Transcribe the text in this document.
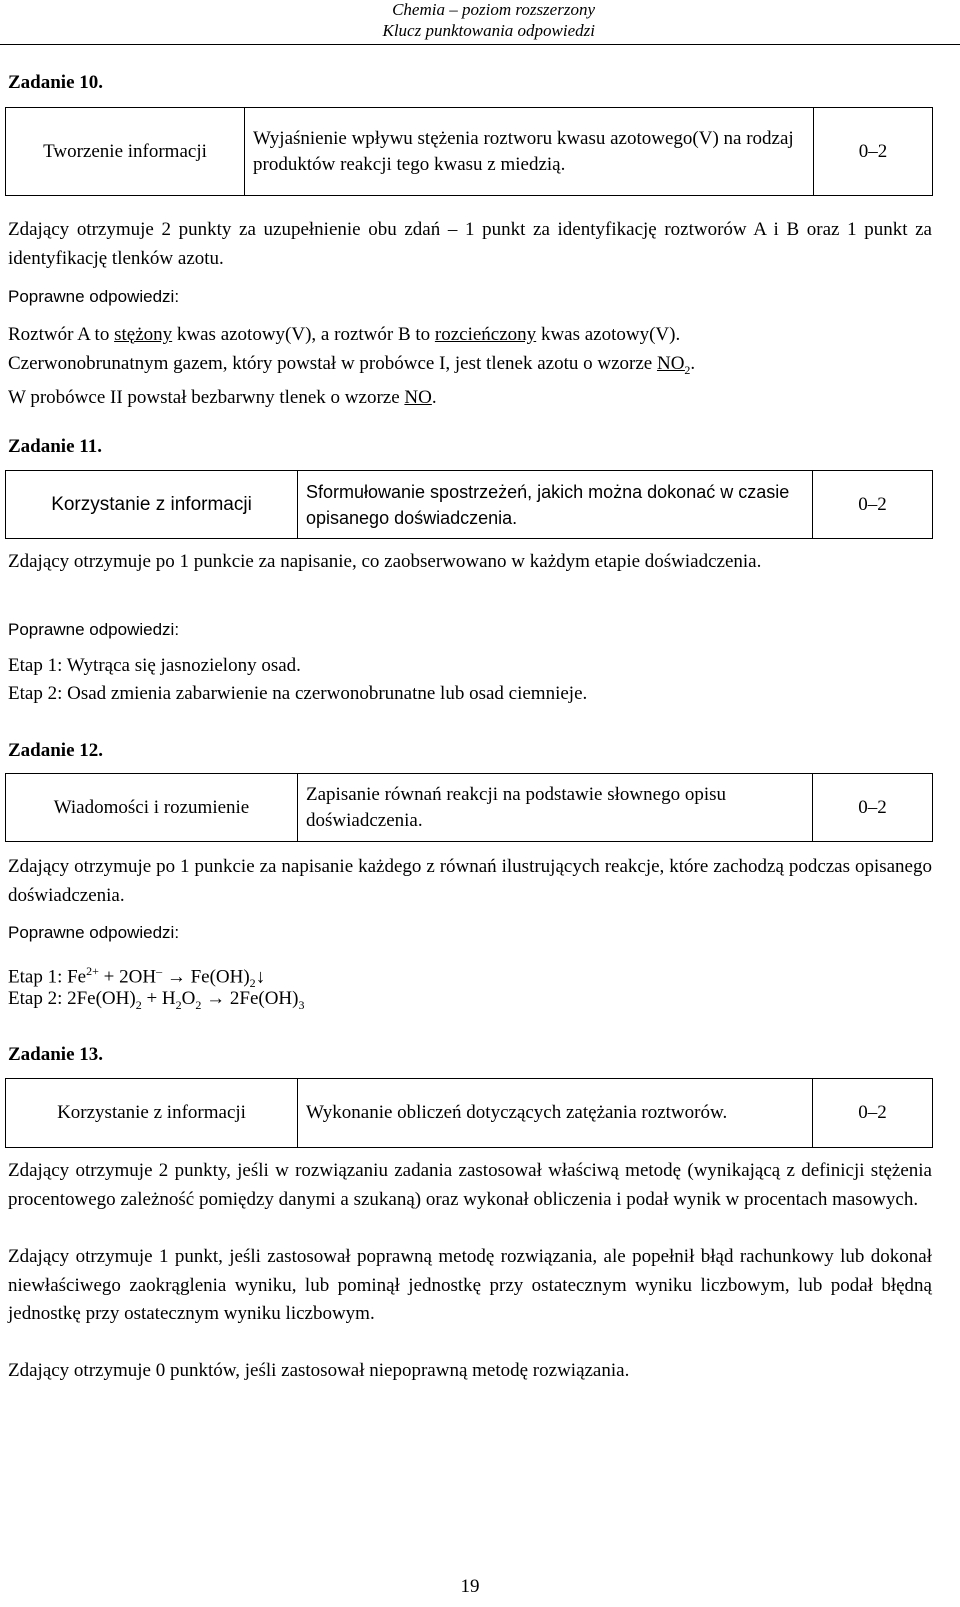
Chemia – poziom rozszerzony
Klucz punktowania odpowiedzi
Zadanie 10.
Tworzenie informacji	Wyjaśnienie wpływu stężenia roztworu kwasu azotowego(V) na rodzaj produktów reakcji tego kwasu z miedzią.	0–2
Zdający otrzymuje 2 punkty za uzupełnienie obu zdań – 1 punkt za identyfikację roztworów A i B oraz 1 punkt za identyfikację tlenków azotu.
Poprawne odpowiedzi:
Roztwór A to stężony kwas azotowy(V), a roztwór B to rozcieńczony kwas azotowy(V).
Czerwonobrunatnym gazem, który powstał w probówce I, jest tlenek azotu o wzorze $NO_2$.
W probówce II powstał bezbarwny tlenek o wzorze NO.
Zadanie 11.
Korzystanie z informacji	Sformułowanie spostrzeżeń, jakich można dokonać w czasie opisanego doświadczenia.	0–2
Zdający otrzymuje po 1 punkcie za napisanie, co zaobserwowano w każdym etapie doświadczenia.
Poprawne odpowiedzi:
Etap 1: Wytrąca się jasnozielony osad.
Etap 2: Osad zmienia zabarwienie na czerwonobrunatne lub osad ciemnieje.
Zadanie 12.
Wiadomości i rozumienie	Zapisanie równań reakcji na podstawie słownego opisu doświadczenia.	0–2
Zdający otrzymuje po 1 punkcie za napisanie każdego z równań ilustrujących reakcje, które zachodzą podczas opisanego doświadczenia.
Poprawne odpowiedzi:
Etap 1: $Fe^{2+} + 2OH^-$ → $Fe(OH)_2↓$
Etap 2: $2Fe(OH)_2 + H_2O_2 \to 2Fe(OH)_3$
Zadanie 13.
Korzystanie z informacji	Wykonanie obliczeń dotyczących zatężania roztworów.	0–2
Zdający otrzymuje 2 punkty, jeśli w rozwiązaniu zadania zastosował właściwą metodę (wynikającą z definicji stężenia procentowego zależność pomiędzy danymi a szukaną) oraz wykonał obliczenia i podał wynik w procentach masowych.
Zdający otrzymuje 1 punkt, jeśli zastosował poprawną metodę rozwiązania, ale popełnił błąd rachunkowy lub dokonał niewłaściwego zaokrąglenia wyniku, lub pominął jednostkę przy ostatecznym wyniku liczbowym, lub podał błędną jednostkę przy ostatecznym wyniku liczbowym.
Zdający otrzymuje 0 punktów, jeśli zastosował niepoprawną metodę rozwiązania.
19
